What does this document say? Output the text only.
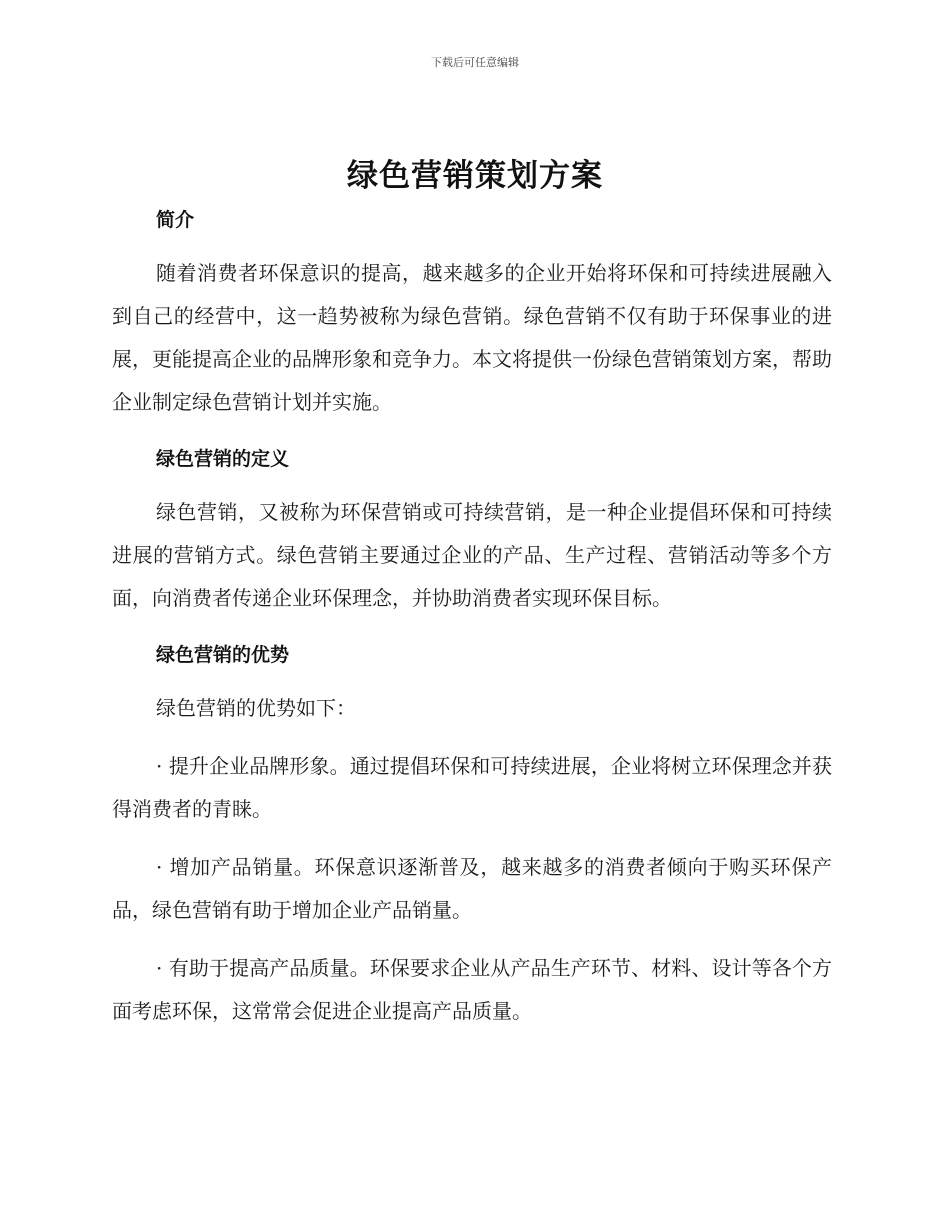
下载后可任意编辑
绿色营销策划方案
简介

随着消费者环保意识的提高，越来越多的企业开始将环保和可持续进展融入到自己的经营中，这一趋势被称为绿色营销。绿色营销不仅有助于环保事业的进展，更能提高企业的品牌形象和竞争力。本文将提供一份绿色营销策划方案，帮助企业制定绿色营销计划并实施。

绿色营销的定义

绿色营销，又被称为环保营销或可持续营销，是一种企业提倡环保和可持续进展的营销方式。绿色营销主要通过企业的产品、生产过程、营销活动等多个方面，向消费者传递企业环保理念，并协助消费者实现环保目标。

绿色营销的优势

绿色营销的优势如下：

· 提升企业品牌形象。通过提倡环保和可持续进展，企业将树立环保理念并获得消费者的青睐。

· 增加产品销量。环保意识逐渐普及，越来越多的消费者倾向于购买环保产品，绿色营销有助于增加企业产品销量。

· 有助于提高产品质量。环保要求企业从产品生产环节、材料、设计等各个方面考虑环保，这常常会促进企业提高产品质量。
